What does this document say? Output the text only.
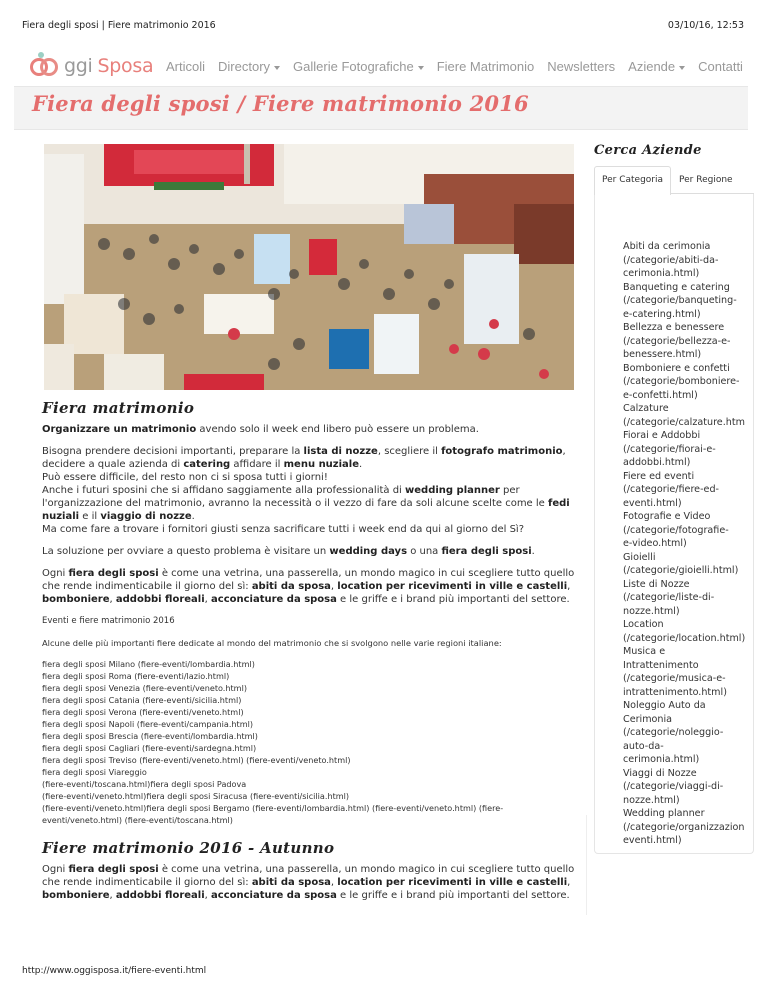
Fiera degli sposi | Fiere matrimonio 2016	03/10/16, 12:53
ggi Sposa Articoli Directory	Gallerie Fotografiche	Fiere Matrimonio Newsletters Aziende	Contatti
Fiera degli sposi / Fiere matrimonio 2016
Fiera matrimonio

Organizzare un matrimonio avendo solo il week end libero può essere un problema.

Bisogna prendere decisioni importanti, preparare la lista di nozze, scegliere il fotografo matrimonio, decidere a quale azienda di catering affidare il menu nuziale.
Può essere difficile, del resto non ci si sposa tutti i giorni!
Anche i futuri sposini che si affidano saggiamente alla professionalità di wedding planner per l'organizzazione del matrimonio, avranno la necessità o il vezzo di fare da soli alcune scelte come le fedi nuziali e il viaggio di nozze.
Ma come fare a trovare i fornitori giusti senza sacrificare tutti i week end da qui al giorno del Sì?

La soluzione per ovviare a questo problema è visitare un wedding days o una fiera degli sposi.

Ogni fiera degli sposi è come una vetrina, una passerella, un mondo magico in cui scegliere tutto quello che rende indimenticabile il giorno del sì: abiti da sposa, location per ricevimenti in ville e castelli, bomboniere, addobbi floreali, acconciature da sposa e le griffe e i brand più importanti del settore.

Eventi e fiere matrimonio 2016

Alcune delle più importanti fiere dedicate al mondo del matrimonio che si svolgono nelle varie regioni italiane:

fiera degli sposi Milano (fiere-eventi/lombardia.html)
fiera degli sposi Roma (fiere-eventi/lazio.html)
fiera degli sposi Venezia (fiere-eventi/veneto.html)
fiera degli sposi Catania (fiere-eventi/sicilia.html)
fiera degli sposi Verona (fiere-eventi/veneto.html)
fiera degli sposi Napoli (fiere-eventi/campania.html)
fiera degli sposi Brescia (fiere-eventi/lombardia.html)
fiera degli sposi Cagliari (fiere-eventi/sardegna.html)
fiera degli sposi Treviso (fiere-eventi/veneto.html) (fiere-eventi/veneto.html)
fiera degli sposi Viareggio
(fiere-eventi/toscana.html)fiera degli sposi Padova
(fiere-eventi/veneto.html)fiera degli sposi Siracusa (fiere-eventi/sicilia.html)
(fiere-eventi/veneto.html)fiera degli sposi Bergamo (fiere-eventi/lombardia.html) (fiere-eventi/veneto.html) (fiere-
eventi/veneto.html) (fiere-eventi/toscana.html)
Fiere matrimonio 2016 - Autunno

Ogni fiera degli sposi è come una vetrina, una passerella, un mondo magico in cui scegliere tutto quello che rende indimenticabile il giorno del sì: abiti da sposa, location per ricevimenti in ville e castelli, bomboniere, addobbi floreali, acconciature da sposa e le griffe e i brand più importanti del settore.

Cerca Aziende
Per Categoria	Per Regione
Abiti da cerimonia
(/categorie/abiti-da-
cerimonia.html)
Banqueting e catering
(/categorie/banqueting-
e-catering.html)
Bellezza e benessere
(/categorie/bellezza-e-
benessere.html)
Bomboniere e confetti
(/categorie/bomboniere-
e-confetti.html)
Calzature
(/categorie/calzature.htm
Fiorai e Addobbi
(/categorie/fiorai-e-
addobbi.html)
Fiere ed eventi
(/categorie/fiere-ed-
eventi.html)
Fotografie e Video
(/categorie/fotografie-
e-video.html)
Gioielli
(/categorie/gioielli.html)
Liste di Nozze
(/categorie/liste-di-
nozze.html)
Location
(/categorie/location.html)
Musica e
Intrattenimento
(/categorie/musica-e-
intrattenimento.html)
Noleggio Auto da
Cerimonia
(/categorie/noleggio-
auto-da-
cerimonia.html)
Viaggi di Nozze
(/categorie/viaggi-di-
nozze.html)
Wedding planner
(/categorie/organizzazion
eventi.html)
http://www.oggisposa.it/fiere-eventi.html
